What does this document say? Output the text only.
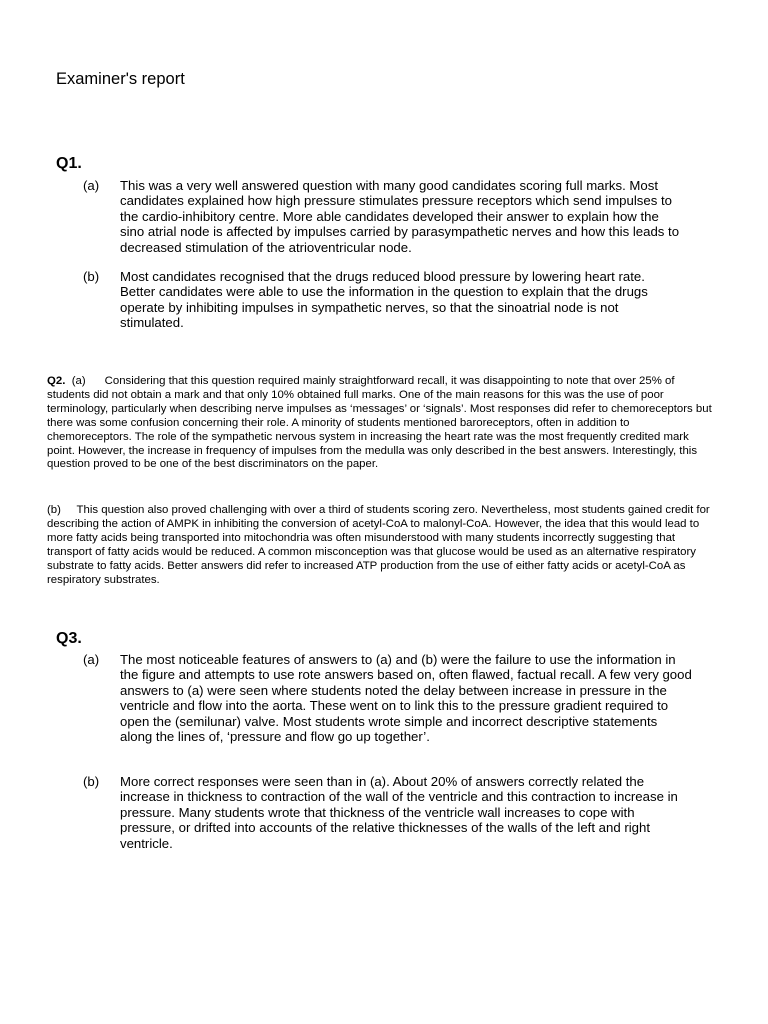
Examiner's report
Q1.
(a)	This was a very well answered question with many good candidates scoring full marks. Most candidates explained how high pressure stimulates pressure receptors which send impulses to the cardio-inhibitory centre. More able candidates developed their answer to explain how the sino atrial node is affected by impulses carried by parasympathetic nerves and how this leads to decreased stimulation of the atrioventricular node.
(b)	Most candidates recognised that the drugs reduced blood pressure by lowering heart rate. Better candidates were able to use the information in the question to explain that the drugs operate by inhibiting impulses in sympathetic nerves, so that the sinoatrial node is not stimulated.
Q2. (a) Considering that this question required mainly straightforward recall, it was disappointing to note that over 25% of students did not obtain a mark and that only 10% obtained full marks. One of the main reasons for this was the use of poor terminology, particularly when describing nerve impulses as ‘messages’ or ‘signals’. Most responses did refer to chemoreceptors but there was some confusion concerning their role. A minority of students mentioned baroreceptors, often in addition to chemoreceptors. The role of the sympathetic nervous system in increasing the heart rate was the most frequently credited mark point. However, the increase in frequency of impulses from the medulla was only described in the best answers. Interestingly, this question proved to be one of the best discriminators on the paper.
(b) This question also proved challenging with over a third of students scoring zero. Nevertheless, most students gained credit for describing the action of AMPK in inhibiting the conversion of acetyl-CoA to malonyl-CoA. However, the idea that this would lead to more fatty acids being transported into mitochondria was often misunderstood with many students incorrectly suggesting that transport of fatty acids would be reduced. A common misconception was that glucose would be used as an alternative respiratory substrate to fatty acids. Better answers did refer to increased ATP production from the use of either fatty acids or acetyl-CoA as respiratory substrates.
Q3.
(a)	The most noticeable features of answers to (a) and (b) were the failure to use the information in the figure and attempts to use rote answers based on, often flawed, factual recall. A few very good answers to (a) were seen where students noted the delay between increase in pressure in the ventricle and flow into the aorta. These went on to link this to the pressure gradient required to open the (semilunar) valve. Most students wrote simple and incorrect descriptive statements along the lines of, ‘pressure and flow go up together’.
(b)	More correct responses were seen than in (a). About 20% of answers correctly related the increase in thickness to contraction of the wall of the ventricle and this contraction to increase in pressure. Many students wrote that thickness of the ventricle wall increases to cope with pressure, or drifted into accounts of the relative thicknesses of the walls of the left and right ventricle.
